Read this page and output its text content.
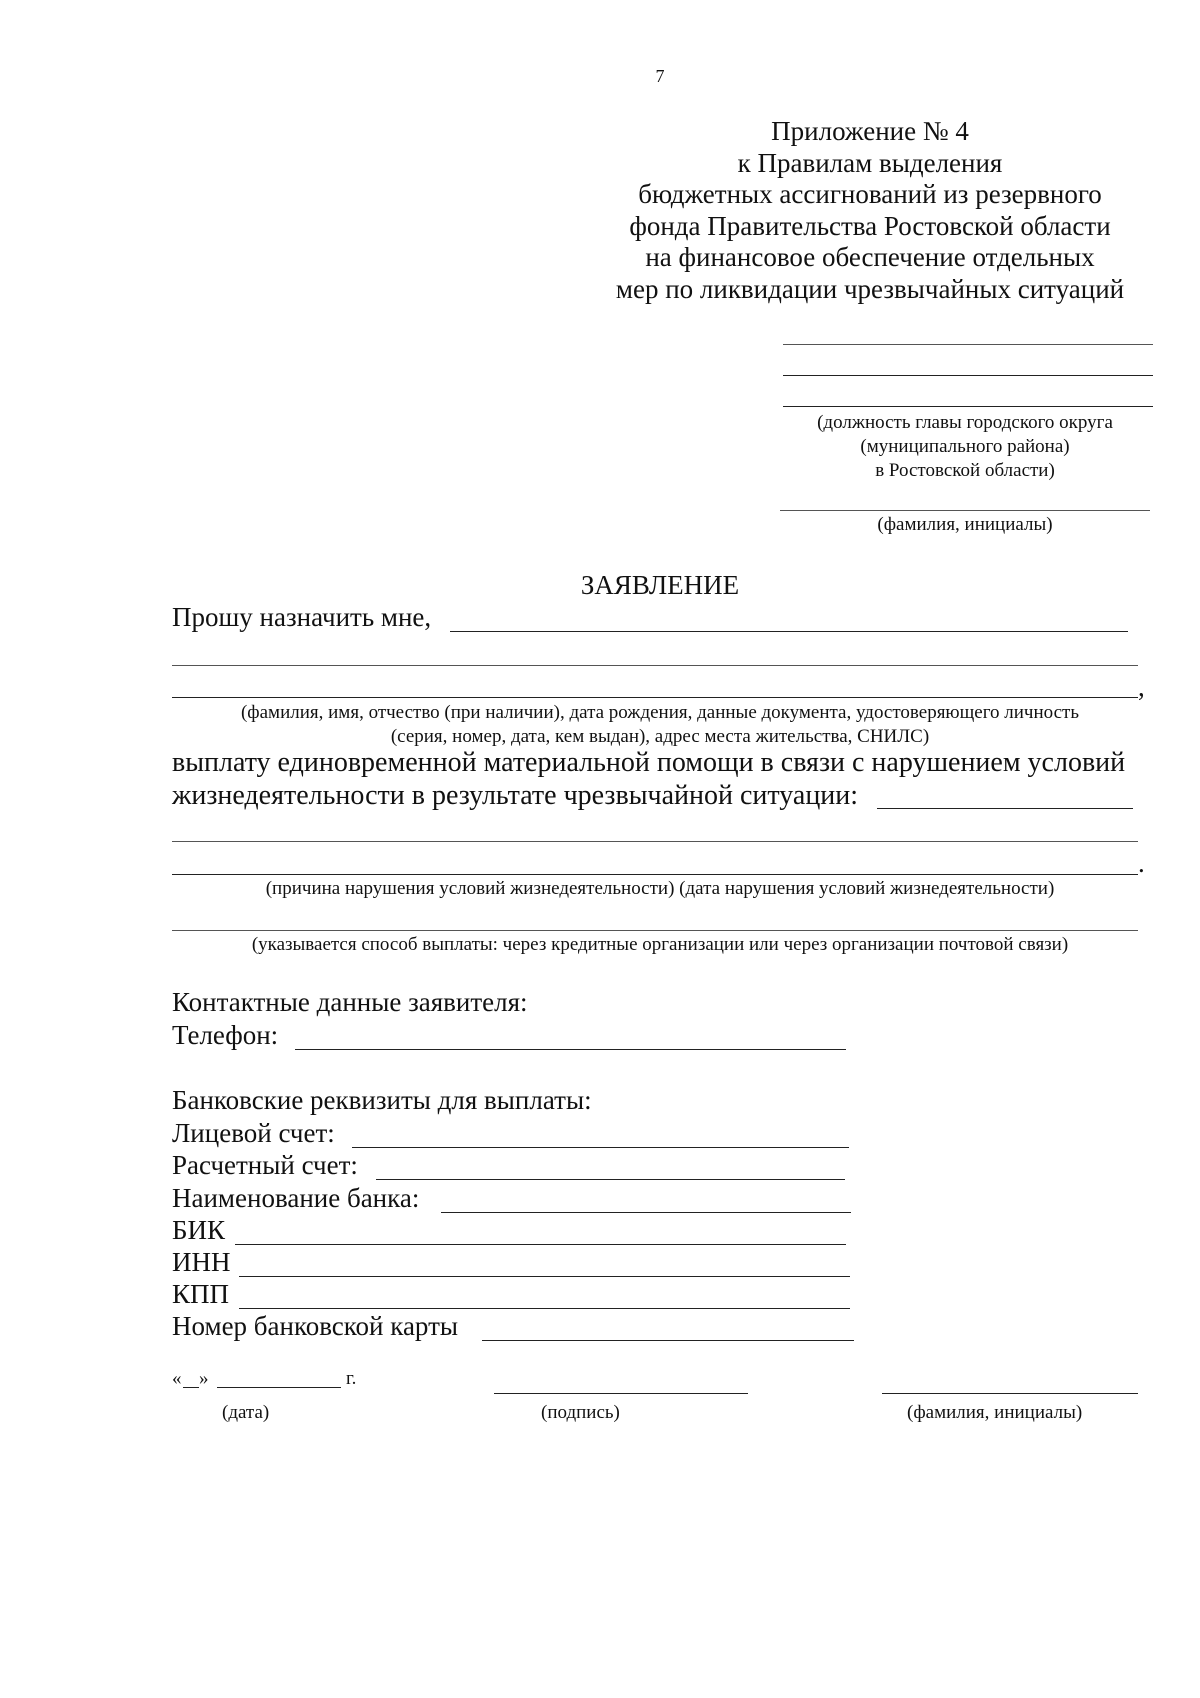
7
Приложение № 4
к Правилам выделения
бюджетных ассигнований из резервного
фонда Правительства Ростовской области
на финансовое обеспечение отдельных
мер по ликвидации чрезвычайных ситуаций
(должность главы городского округа
(муниципального района)
в Ростовской области)
(фамилия, инициалы)
ЗАЯВЛЕНИЕ
Прошу назначить мне,
,
(фамилия, имя, отчество (при наличии), дата рождения, данные документа, удостоверяющего личность
(серия, номер, дата, кем выдан), адрес места жительства, СНИЛС)
выплату единовременной материальной помощи в связи с нарушением условий
жизнедеятельности в результате чрезвычайной ситуации:
.
(причина нарушения условий жизнедеятельности) (дата нарушения условий жизнедеятельности)
(указывается способ выплаты: через кредитные организации или через организации почтовой связи)
Контактные данные заявителя:
Телефон:
Банковские реквизиты для выплаты:
Лицевой счет:
Расчетный счет:
Наименование банка:
БИК
ИНН
КПП
Номер банковской карты
« »	г.
(дата)	(подпись)	(фамилия, инициалы)
